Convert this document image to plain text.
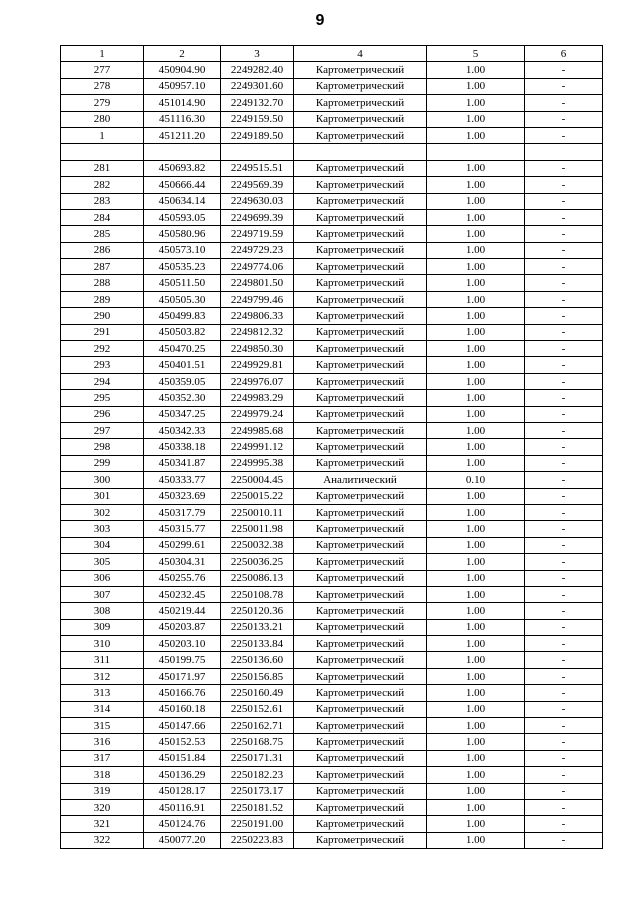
9
1	2	3	4	5	6
277	450904.90	2249282.40	Картометрический	1.00	-
278	450957.10	2249301.60	Картометрический	1.00	-
279	451014.90	2249132.70	Картометрический	1.00	-
280	451116.30	2249159.50	Картометрический	1.00	-
1	451211.20	2249189.50	Картометрический	1.00	-

281	450693.82	2249515.51	Картометрический	1.00	-
282	450666.44	2249569.39	Картометрический	1.00	-
283	450634.14	2249630.03	Картометрический	1.00	-
284	450593.05	2249699.39	Картометрический	1.00	-
285	450580.96	2249719.59	Картометрический	1.00	-
286	450573.10	2249729.23	Картометрический	1.00	-
287	450535.23	2249774.06	Картометрический	1.00	-
288	450511.50	2249801.50	Картометрический	1.00	-
289	450505.30	2249799.46	Картометрический	1.00	-
290	450499.83	2249806.33	Картометрический	1.00	-
291	450503.82	2249812.32	Картометрический	1.00	-
292	450470.25	2249850.30	Картометрический	1.00	-
293	450401.51	2249929.81	Картометрический	1.00	-
294	450359.05	2249976.07	Картометрический	1.00	-
295	450352.30	2249983.29	Картометрический	1.00	-
296	450347.25	2249979.24	Картометрический	1.00	-
297	450342.33	2249985.68	Картометрический	1.00	-
298	450338.18	2249991.12	Картометрический	1.00	-
299	450341.87	2249995.38	Картометрический	1.00	-
300	450333.77	2250004.45	Аналитический	0.10	-
301	450323.69	2250015.22	Картометрический	1.00	-
302	450317.79	2250010.11	Картометрический	1.00	-
303	450315.77	2250011.98	Картометрический	1.00	-
304	450299.61	2250032.38	Картометрический	1.00	-
305	450304.31	2250036.25	Картометрический	1.00	-
306	450255.76	2250086.13	Картометрический	1.00	-
307	450232.45	2250108.78	Картометрический	1.00	-
308	450219.44	2250120.36	Картометрический	1.00	-
309	450203.87	2250133.21	Картометрический	1.00	-
310	450203.10	2250133.84	Картометрический	1.00	-
311	450199.75	2250136.60	Картометрический	1.00	-
312	450171.97	2250156.85	Картометрический	1.00	-
313	450166.76	2250160.49	Картометрический	1.00	-
314	450160.18	2250152.61	Картометрический	1.00	-
315	450147.66	2250162.71	Картометрический	1.00	-
316	450152.53	2250168.75	Картометрический	1.00	-
317	450151.84	2250171.31	Картометрический	1.00	-
318	450136.29	2250182.23	Картометрический	1.00	-
319	450128.17	2250173.17	Картометрический	1.00	-
320	450116.91	2250181.52	Картометрический	1.00	-
321	450124.76	2250191.00	Картометрический	1.00	-
322	450077.20	2250223.83	Картометрический	1.00	-
